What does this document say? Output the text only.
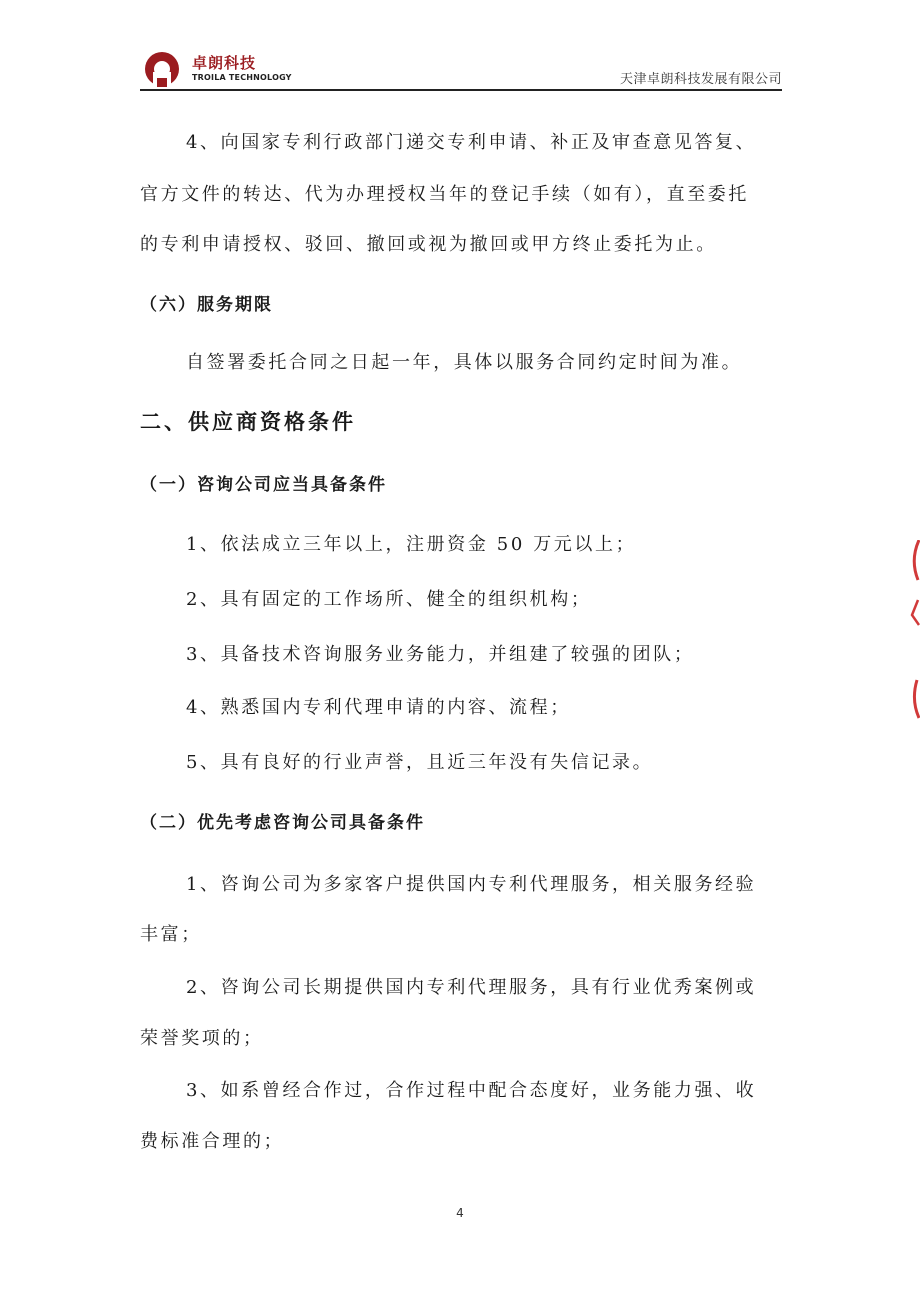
卓朗科技
TROILA TECHNOLOGY	天津卓朗科技发展有限公司
4、向国家专利行政部门递交专利申请、补正及审查意见答复、
官方文件的转达、代为办理授权当年的登记手续（如有），直至委托
的专利申请授权、驳回、撤回或视为撤回或甲方终止委托为止。
（六）服务期限
自签署委托合同之日起一年，具体以服务合同约定时间为准。
二、供应商资格条件
（一）咨询公司应当具备条件
1、依法成立三年以上，注册资金 50 万元以上；
2、具有固定的工作场所、健全的组织机构；
3、具备技术咨询服务业务能力，并组建了较强的团队；
4、熟悉国内专利代理申请的内容、流程；
5、具有良好的行业声誉，且近三年没有失信记录。
（二）优先考虑咨询公司具备条件
1、咨询公司为多家客户提供国内专利代理服务，相关服务经验
丰富；
2、咨询公司长期提供国内专利代理服务，具有行业优秀案例或
荣誉奖项的；
3、如系曾经合作过，合作过程中配合态度好，业务能力强、收
费标准合理的；
4
